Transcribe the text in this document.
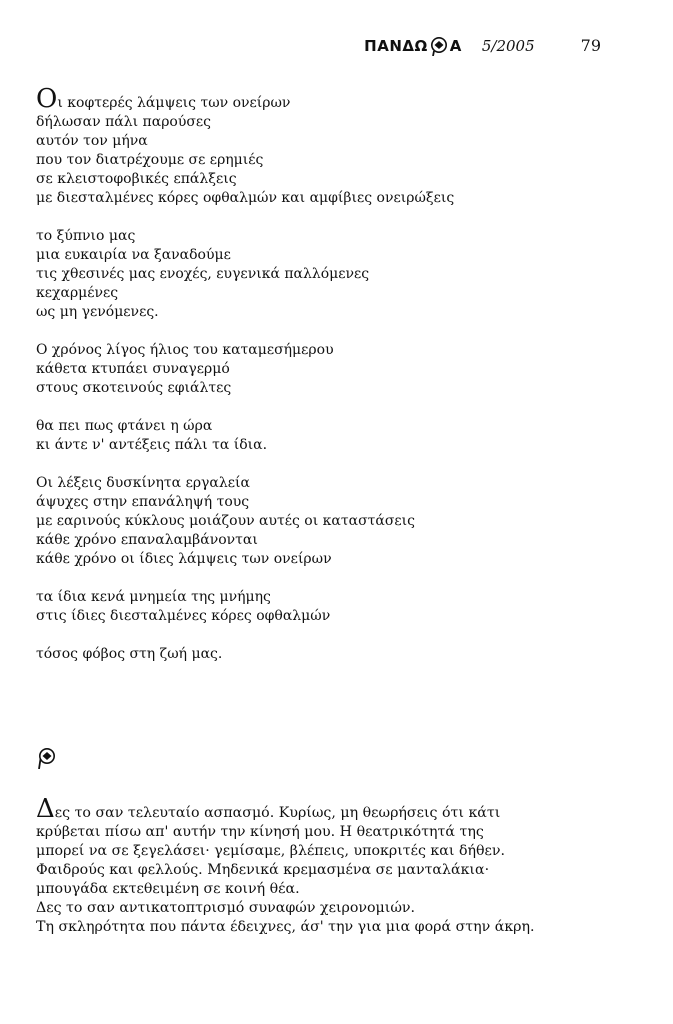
ΠΑΝΔΩ Α 5/2005	79
Οι κοφτερές λάμψεις των ονείρων
δήλωσαν πάλι παρούσες
αυτόν τον μήνα
που τον διατρέχουμε σε ερημιές
σε κλειστοφοβικές επάλξεις
με διεσταλμένες κόρες οφθαλμών και αμφίβιες ονειρώξεις
το ξύπνιο μας
μια ευκαιρία να ξαναδούμε
τις χθεσινές μας ενοχές, ευγενικά παλλόμενες
κεχαρμένες
ως μη γενόμενες.
Ο χρόνος λίγος ήλιος του καταμεσήμερου
κάθετα κτυπάει συναγερμό
στους σκοτεινούς εφιάλτες
θα πει πως φτάνει η ώρα
κι άντε ν' αντέξεις πάλι τα ίδια.
Οι λέξεις δυσκίνητα εργαλεία
άψυχες στην επανάληψή τους
με εαρινούς κύκλους μοιάζουν αυτές οι καταστάσεις
κάθε χρόνο επαναλαμβάνονται
κάθε χρόνο οι ίδιες λάμψεις των ονείρων
τα ίδια κενά μνημεία της μνήμης
στις ίδιες διεσταλμένες κόρες οφθαλμών
τόσος φόβος στη ζωή μας.
Δες το σαν τελευταίο ασπασμό. Κυρίως, μη θεωρήσεις ότι κάτι
κρύβεται πίσω απ' αυτήν την κίνησή μου. Η θεατρικότητά της
μπορεί να σε ξεγελάσει· γεμίσαμε, βλέπεις, υποκριτές και δήθεν.
Φαιδρούς και φελλούς. Μηδενικά κρεμασμένα σε μανταλάκια·
μπουγάδα εκτεθειμένη σε κοινή θέα.
Δες το σαν αντικατοπτρισμό συναφών χειρονομιών.
Τη σκληρότητα που πάντα έδειχνες, άσ' την για μια φορά στην άκρη.
